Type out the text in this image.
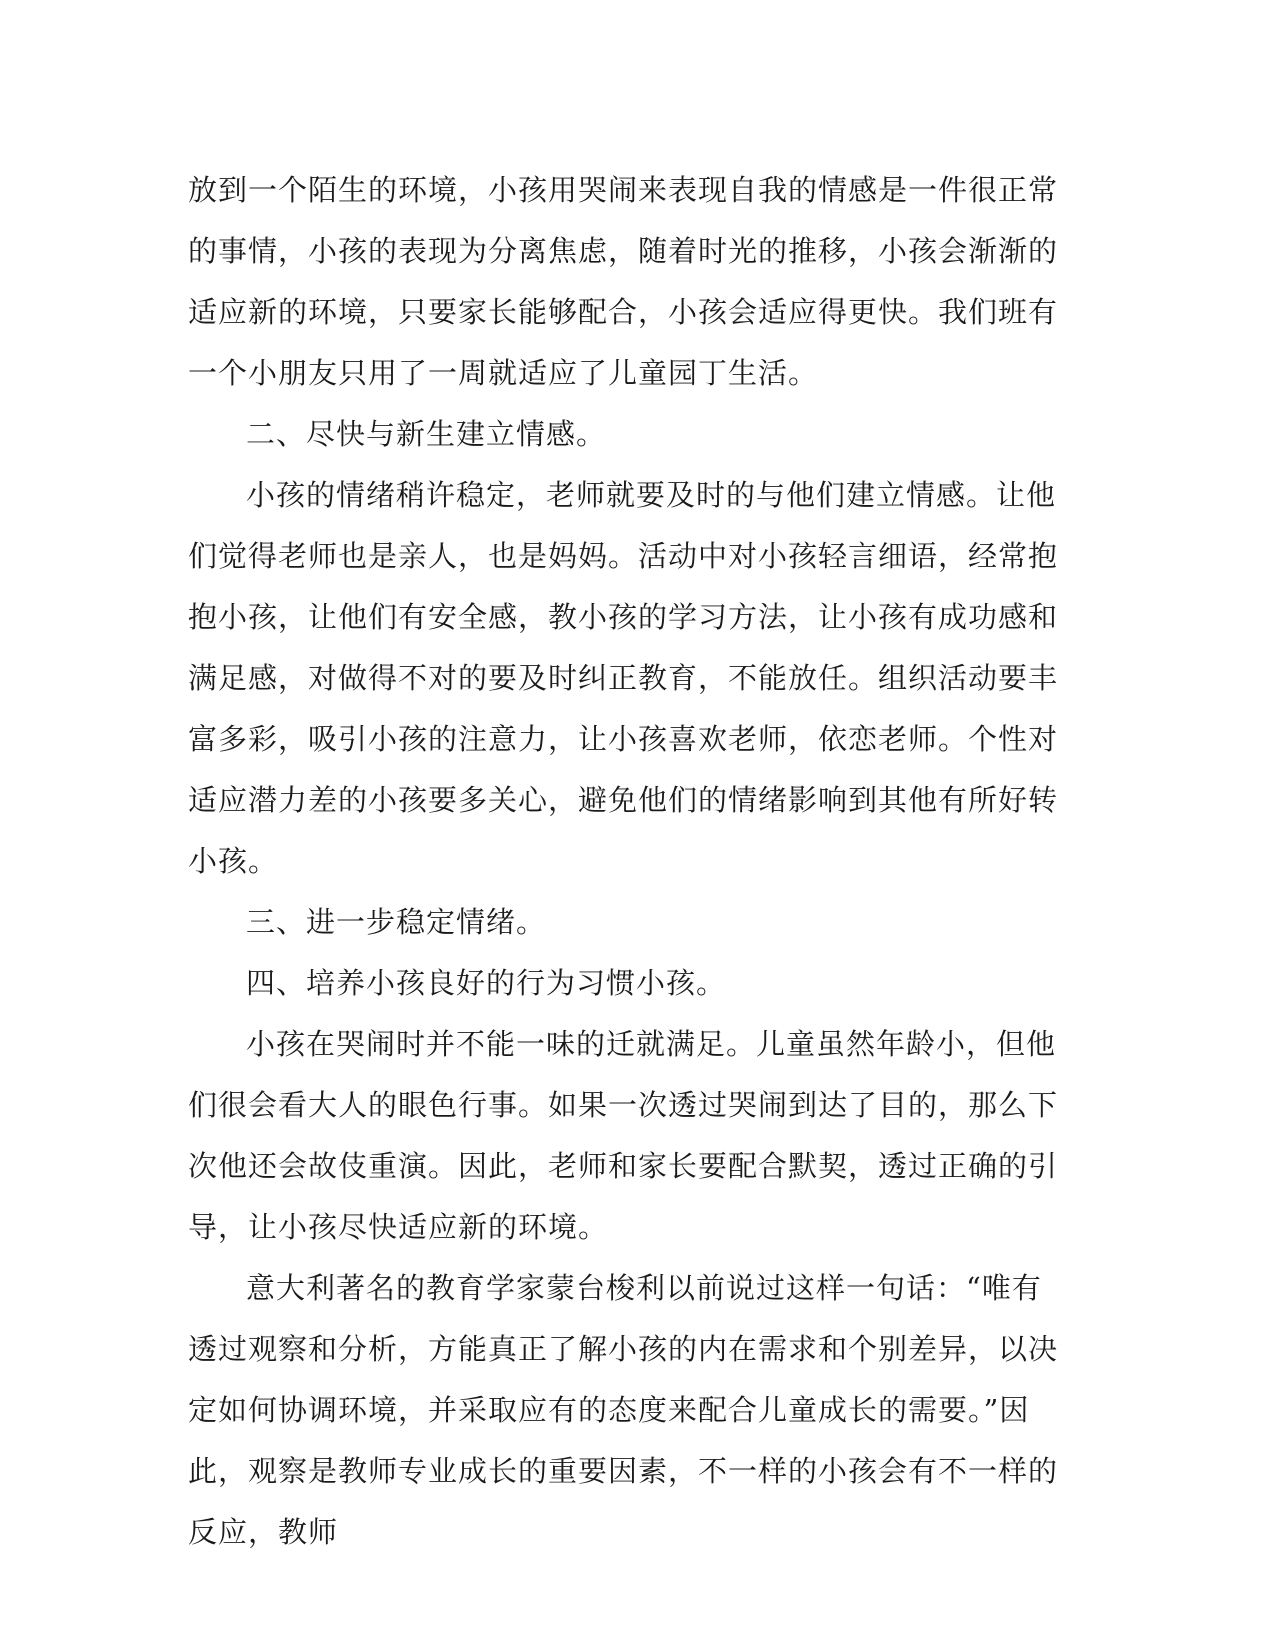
放到一个陌生的环境，小孩用哭闹来表现自我的情感是一件很正常的事情，小孩的表现为分离焦虑，随着时光的推移，小孩会渐渐的适应新的环境，只要家长能够配合，小孩会适应得更快。我们班有一个小朋友只用了一周就适应了儿童园丁生活。

二、尽快与新生建立情感。

小孩的情绪稍许稳定，老师就要及时的与他们建立情感。让他们觉得老师也是亲人，也是妈妈。活动中对小孩轻言细语，经常抱抱小孩，让他们有安全感，教小孩的学习方法，让小孩有成功感和满足感，对做得不对的要及时纠正教育，不能放任。组织活动要丰富多彩，吸引小孩的注意力，让小孩喜欢老师，依恋老师。个性对适应潜力差的小孩要多关心，避免他们的情绪影响到其他有所好转小孩。

三、进一步稳定情绪。

四、培养小孩良好的行为习惯小孩。

小孩在哭闹时并不能一味的迁就满足。儿童虽然年龄小，但他们很会看大人的眼色行事。如果一次透过哭闹到达了目的，那么下次他还会故伎重演。因此，老师和家长要配合默契，透过正确的引导，让小孩尽快适应新的环境。

意大利著名的教育学家蒙台梭利以前说过这样一句话：“唯有透过观察和分析，方能真正了解小孩的内在需求和个别差异，以决定如何协调环境，并采取应有的态度来配合儿童成长的需要。”因此，观察是教师专业成长的重要因素，不一样的小孩会有不一样的反应，教师
